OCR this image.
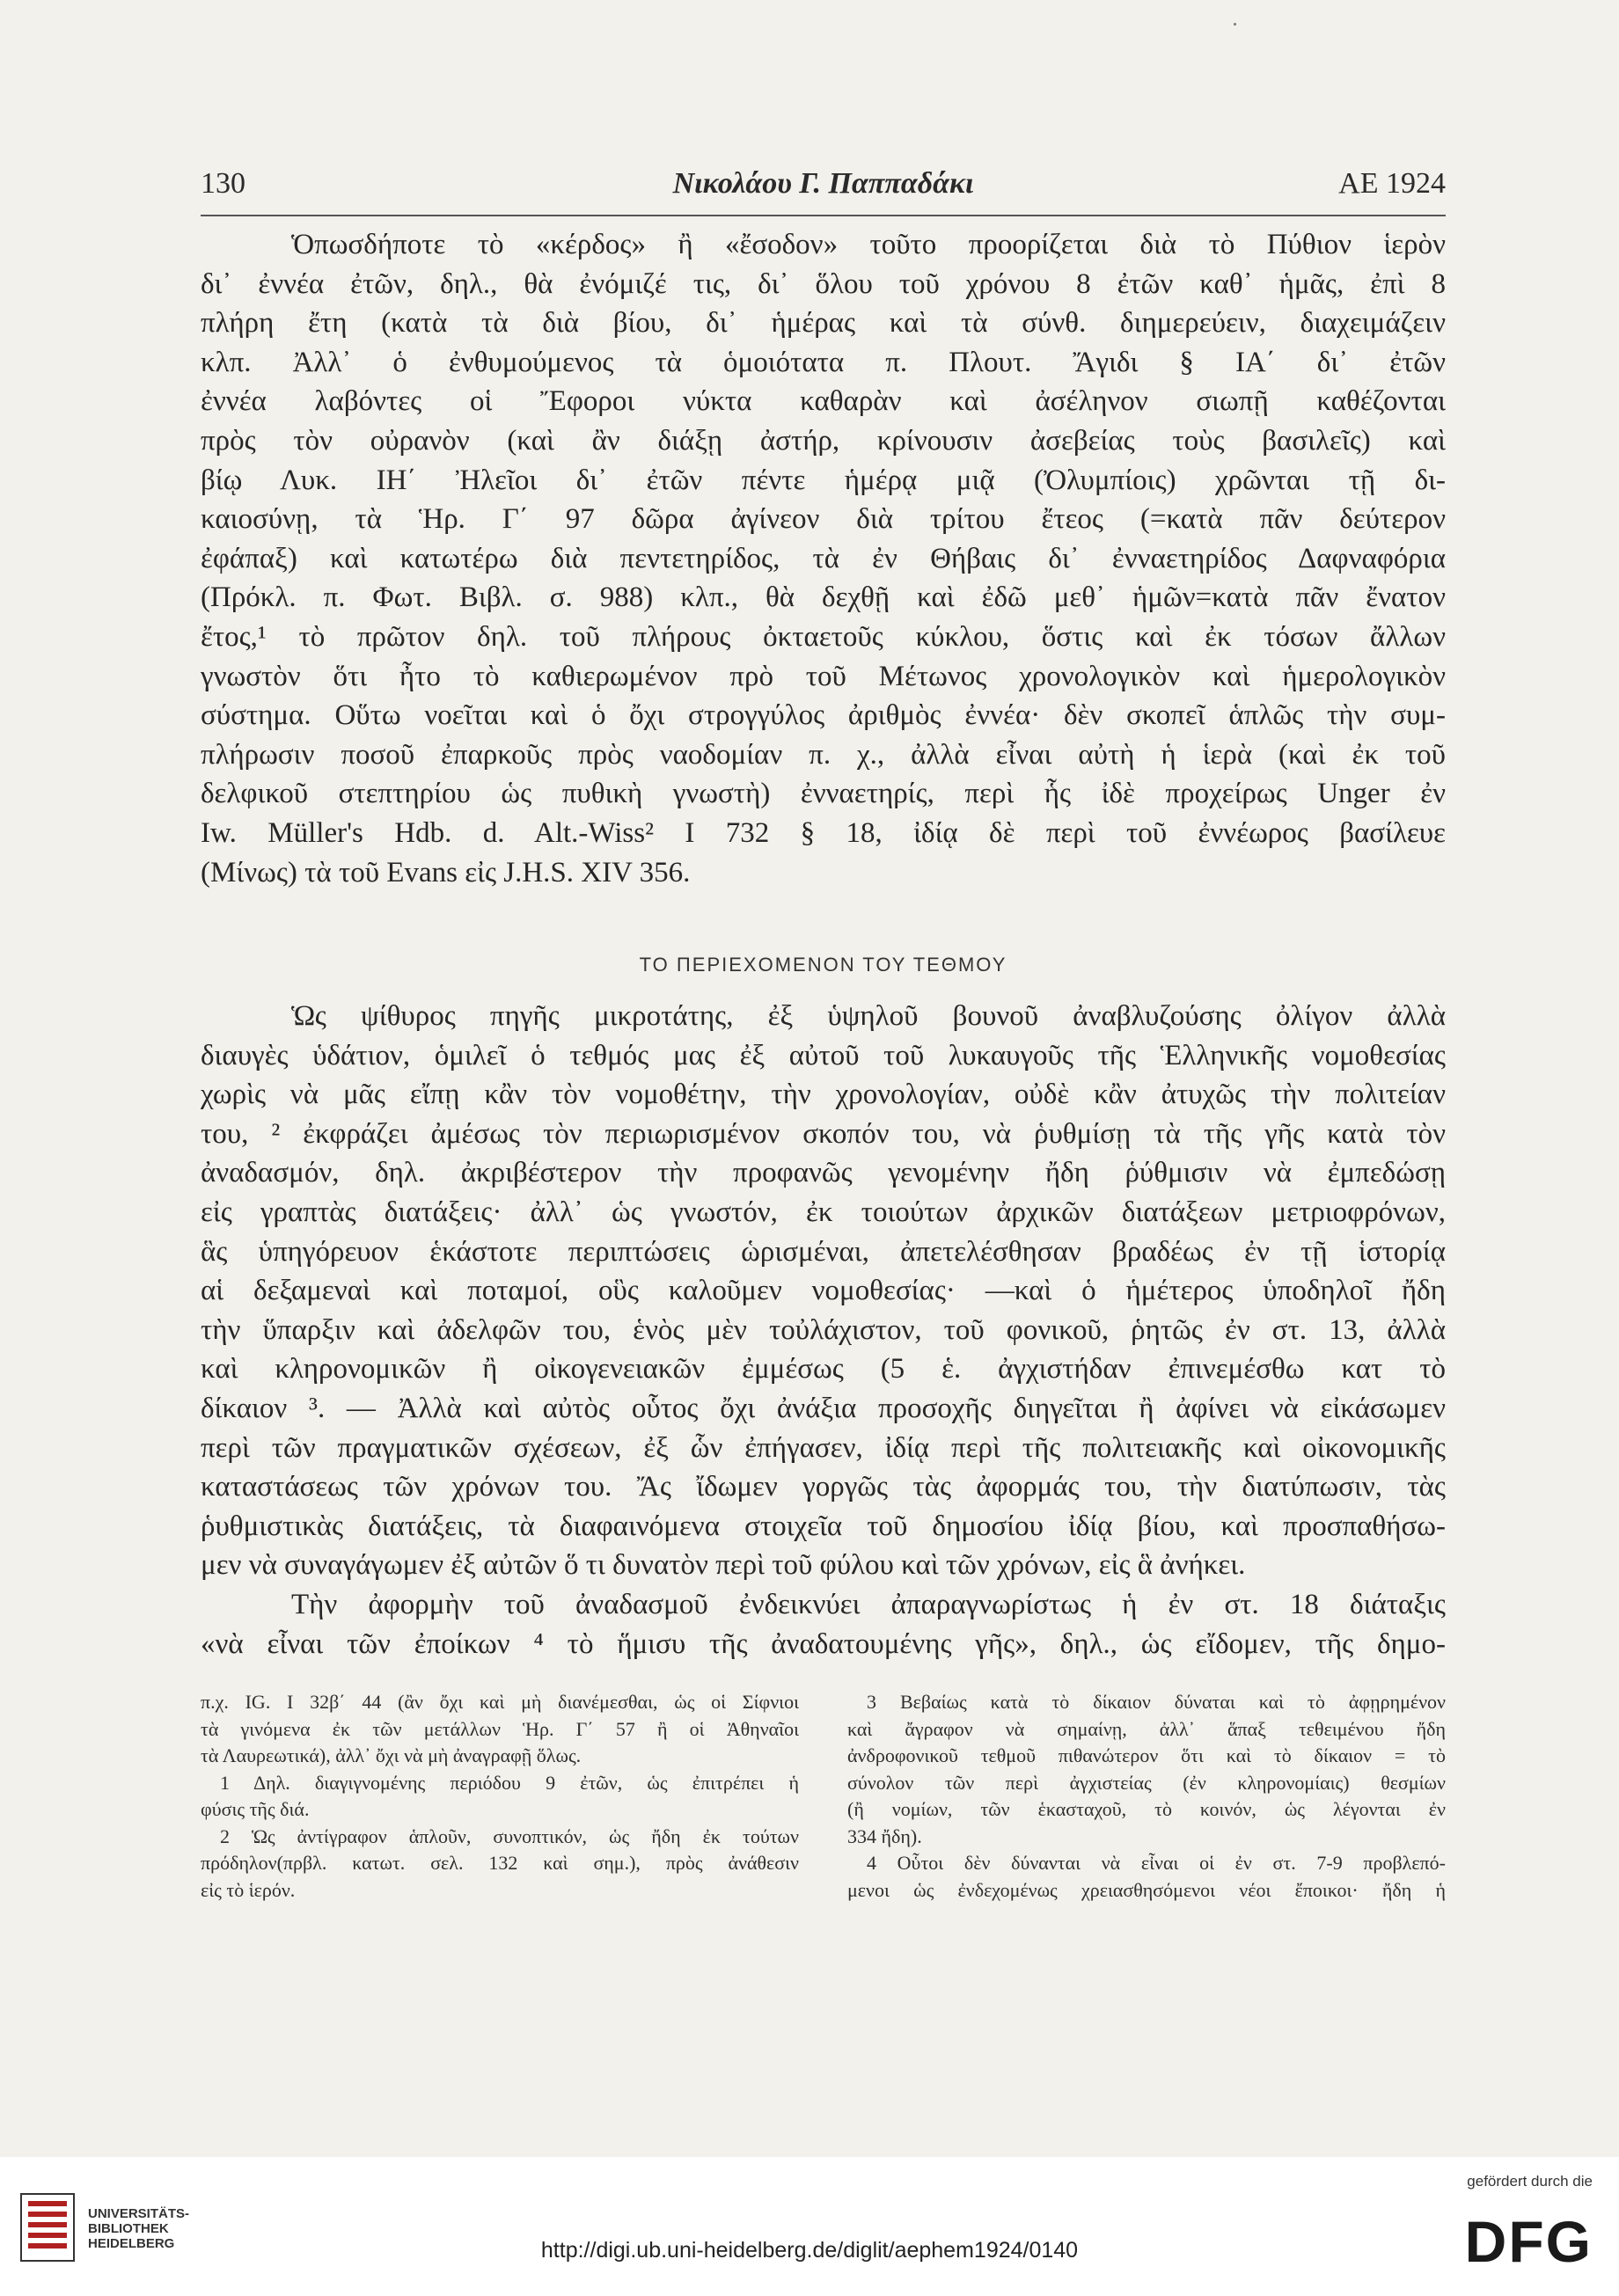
130	Νικολάου Γ. Παππαδάκι	ΑΕ 1924
Ὁπωσδήποτε τὸ «κέρδος» ἢ «ἔσοδον» τοῦτο προορίζεται διὰ τὸ Πύθιον ἱερὸν
δι᾽ ἐννέα ἐτῶν, δηλ., θὰ ἐνόμιζέ τις, δι᾽ ὅλου τοῦ χρόνου 8 ἐτῶν καθ᾽ ἡμᾶς, ἐπὶ 8
πλήρη ἔτη (κατὰ τὰ διὰ βίου, δι᾽ ἡμέρας καὶ τὰ σύνθ. διημερεύειν, διαχειμάζειν
κλπ. Ἀλλ᾽ ὁ ἐνθυμούμενος τὰ ὁμοιότατα π. Πλουτ. Ἄγιδι § ΙΑ΄ δι᾽ ἐτῶν
ἐννέα λαβόντες οἱ Ἔφοροι νύκτα καθαρὰν καὶ ἀσέληνον σιωπῇ καθέζονται
πρὸς τὸν οὐρανὸν (καὶ ἂν διάξῃ ἀστήρ, κρίνουσιν ἀσεβείας τοὺς βασιλεῖς) καὶ
βίῳ Λυκ. ΙΗ΄ Ἠλεῖοι δι᾽ ἐτῶν πέντε ἡμέρᾳ μιᾷ (Ὀλυμπίοις) χρῶνται τῇ δι-
καιοσύνῃ, τὰ Ἡρ. Γ΄ 97 δῶρα ἀγίνεον διὰ τρίτου ἔτεος (=κατὰ πᾶν δεύτερον
ἐφάπαξ) καὶ κατωτέρω διὰ πεντετηρίδος, τὰ ἐν Θήβαις δι᾽ ἐνναετηρίδος Δαφναφόρια
(Πρόκλ. π. Φωτ. Βιβλ. σ. 988) κλπ., θὰ δεχθῇ καὶ ἐδῶ μεθ᾽ ἡμῶν=κατὰ πᾶν ἔνατον
ἔτος,¹ τὸ πρῶτον δηλ. τοῦ πλήρους ὀκταετοῦς κύκλου, ὅστις καὶ ἐκ τόσων ἄλλων
γνωστὸν ὅτι ἦτο τὸ καθιερωμένον πρὸ τοῦ Μέτωνος χρονολογικὸν καὶ ἡμερολογικὸν
σύστημα. Οὕτω νοεῖται καὶ ὁ ὄχι στρογγύλος ἀριθμὸς ἐννέα· δὲν σκοπεῖ ἁπλῶς τὴν συμ-
πλήρωσιν ποσοῦ ἐπαρκοῦς πρὸς ναοδομίαν π. χ., ἀλλὰ εἶναι αὐτὴ ἡ ἱερὰ (καὶ ἐκ τοῦ
δελφικοῦ στεπτηρίου ὡς πυθικὴ γνωστὴ) ἐνναετηρίς, περὶ ἧς ἰδὲ προχείρως Unger ἐν
Iw. Müller's Hdb. d. Alt.-Wiss² I 732 § 18, ἰδίᾳ δὲ περὶ τοῦ ἐννέωρος βασίλευε
(Μίνως) τὰ τοῦ Evans εἰς J.H.S. XIV 356.
ΤΟ ΠΕΡΙΕΧΟΜΕΝΟΝ ΤΟΥ ΤΕΘΜΟΥ
Ὡς ψίθυρος πηγῆς μικροτάτης, ἐξ ὑψηλοῦ βουνοῦ ἀναβλυζούσης ὀλίγον ἀλλὰ
διαυγὲς ὑδάτιον, ὁμιλεῖ ὁ τεθμός μας ἐξ αὐτοῦ τοῦ λυκαυγοῦς τῆς Ἑλληνικῆς νομοθεσίας
χωρὶς νὰ μᾶς εἴπῃ κἂν τὸν νομοθέτην, τὴν χρονολογίαν, οὐδὲ κἂν ἀτυχῶς τὴν πολιτείαν
του, ² ἐκφράζει ἀμέσως τὸν περιωρισμένον σκοπόν του, νὰ ῥυθμίσῃ τὰ τῆς γῆς κατὰ τὸν
ἀναδασμόν, δηλ. ἀκριβέστερον τὴν προφανῶς γενομένην ἤδη ῥύθμισιν νὰ ἐμπεδώσῃ
εἰς γραπτὰς διατάξεις· ἀλλ᾽ ὡς γνωστόν, ἐκ τοιούτων ἀρχικῶν διατάξεων μετριοφρόνων,
ἃς ὑπηγόρευον ἑκάστοτε περιπτώσεις ὡρισμέναι, ἀπετελέσθησαν βραδέως ἐν τῇ ἱστορίᾳ
αἱ δεξαμεναὶ καὶ ποταμοί, οὓς καλοῦμεν νομοθεσίας· —καὶ ὁ ἡμέτερος ὑποδηλοῖ ἤδη
τὴν ὕπαρξιν καὶ ἀδελφῶν του, ἑνὸς μὲν τοὐλάχιστον, τοῦ φονικοῦ, ῥητῶς ἐν στ. 13, ἀλλὰ
καὶ κληρονομικῶν ἢ οἰκογενειακῶν ἐμμέσως (5 ἑ. ἀγχιστήδαν ἐπινεμέσθω κατ τὸ
δίκαιον ³. — Ἀλλὰ καὶ αὐτὸς οὗτος ὄχι ἀνάξια προσοχῆς διηγεῖται ἢ ἀφίνει νὰ εἰκάσωμεν
περὶ τῶν πραγματικῶν σχέσεων, ἐξ ὧν ἐπήγασεν, ἰδίᾳ περὶ τῆς πολιτειακῆς καὶ οἰκονομικῆς
καταστάσεως τῶν χρόνων του. Ἄς ἴδωμεν γοργῶς τὰς ἀφορμάς του, τὴν διατύπωσιν, τὰς
ῥυθμιστικὰς διατάξεις, τὰ διαφαινόμενα στοιχεῖα τοῦ δημοσίου ἰδίᾳ βίου, καὶ προσπαθήσω-
μεν νὰ συναγάγωμεν ἐξ αὐτῶν ὅ τι δυνατὸν περὶ τοῦ φύλου καὶ τῶν χρόνων, εἰς ἃ ἀνήκει.
Τὴν ἀφορμὴν τοῦ ἀναδασμοῦ ἐνδεικνύει ἀπαραγνωρίστως ἡ ἐν στ. 18 διάταξις
«νὰ εἶναι τῶν ἐποίκων ⁴ τὸ ἥμισυ τῆς ἀναδατουμένης γῆς», δηλ., ὡς εἴδομεν, τῆς δημο-
π.χ. IG. I 32β΄ 44 (ἂν ὄχι καὶ μὴ διανέμεσθαι, ὡς οἱ Σίφνιοι
τὰ γινόμενα ἐκ τῶν μετάλλων Ἡρ. Γ΄ 57 ἢ οἱ Ἀθηναῖοι
τὰ Λαυρεωτικά), ἀλλ᾽ ὄχι νὰ μὴ ἀναγραφῇ ὅλως.
1 Δηλ. διαγιγνομένης περιόδου 9 ἐτῶν, ὡς ἐπιτρέπει ἡ
φύσις τῆς διά.
2 Ὡς ἀντίγραφον ἁπλοῦν, συνοπτικόν, ὡς ἤδη ἐκ τούτων
πρόδηλον(πρβλ. κατωτ. σελ. 132 καὶ σημ.), πρὸς ἀνάθεσιν
εἰς τὸ ἱερόν.
3 Βεβαίως κατὰ τὸ δίκαιον δύναται καὶ τὸ ἀφῃρημένον
καὶ ἄγραφον νὰ σημαίνῃ, ἀλλ᾽ ἅπαξ τεθειμένου ἤδη
ἀνδροφονικοῦ τεθμοῦ πιθανώτερον ὅτι καὶ τὸ δίκαιον = τὸ
σύνολον τῶν περὶ ἀγχιστείας (ἐν κληρονομίαις) θεσμίων
(ἢ νομίων, τῶν ἑκασταχοῦ, τὸ κοινόν, ὡς λέγονται ἐν
334 ἤδη).
4 Οὗτοι δὲν δύνανται νὰ εἶναι οἱ ἐν στ. 7-9 προβλεπό-
μενοι ὡς ἐνδεχομένως χρειασθησόμενοι νέοι ἔποικοι· ἤδη ἡ
UNIVERSITÄTS-
BIBLIOTHEK
HEIDELBERG	http://digi.ub.uni-heidelberg.de/diglit/aephem1924/0140
gefördert durch die
DFG
